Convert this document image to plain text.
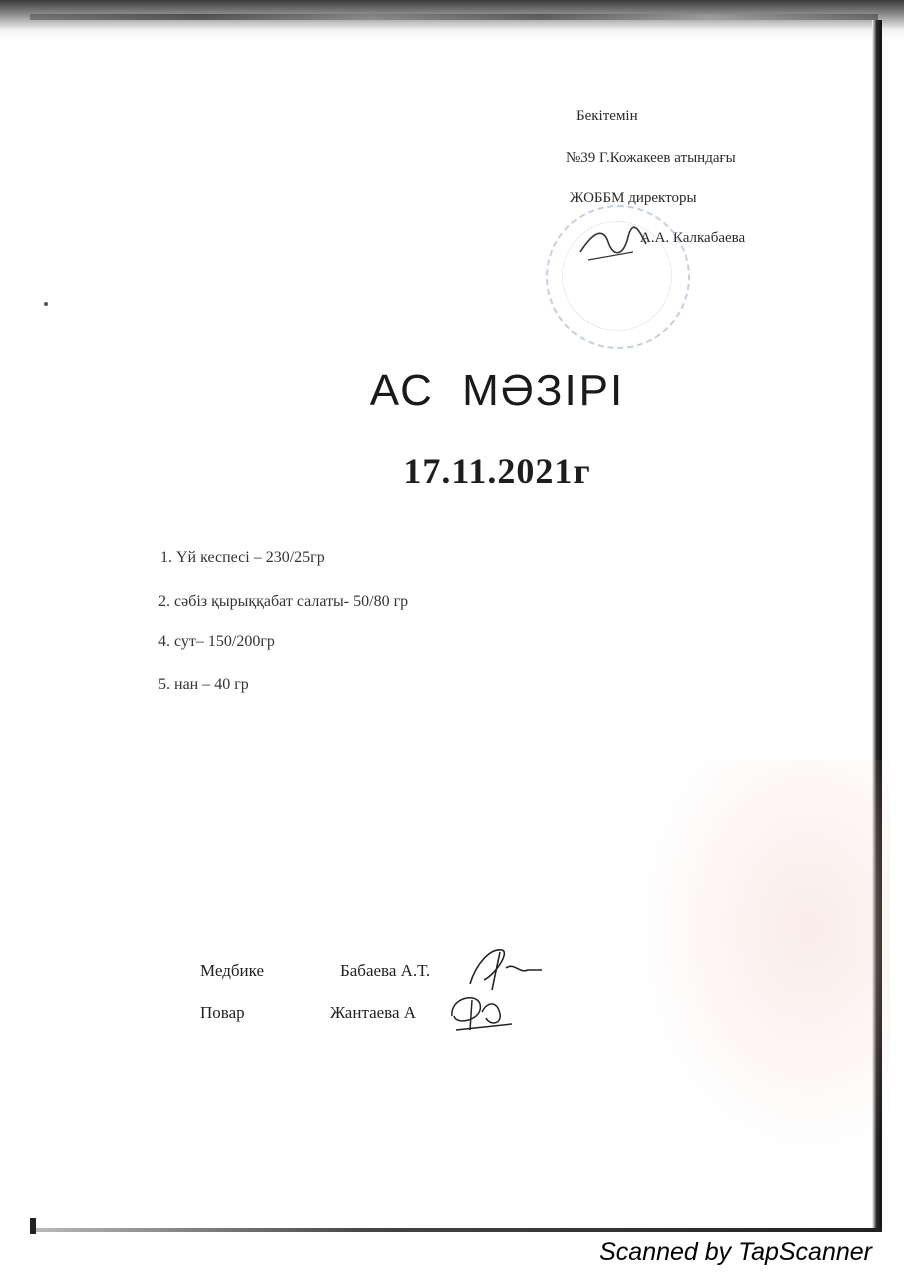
Бекітемін
№39 Г.Кожакеев атындағы
ЖОББМ директоры
А.А. Калкабаева
АС МӘЗІРІ
17.11.2021г
1. Үй кеспесі – 230/25гр
2. сәбіз қырыққабат салаты- 50/80 гр
4. сут– 150/200гр
5. нан – 40 гр
Медбике	Бабаева А.Т.
Повар	Жантаева А
Scanned by TapScanner
